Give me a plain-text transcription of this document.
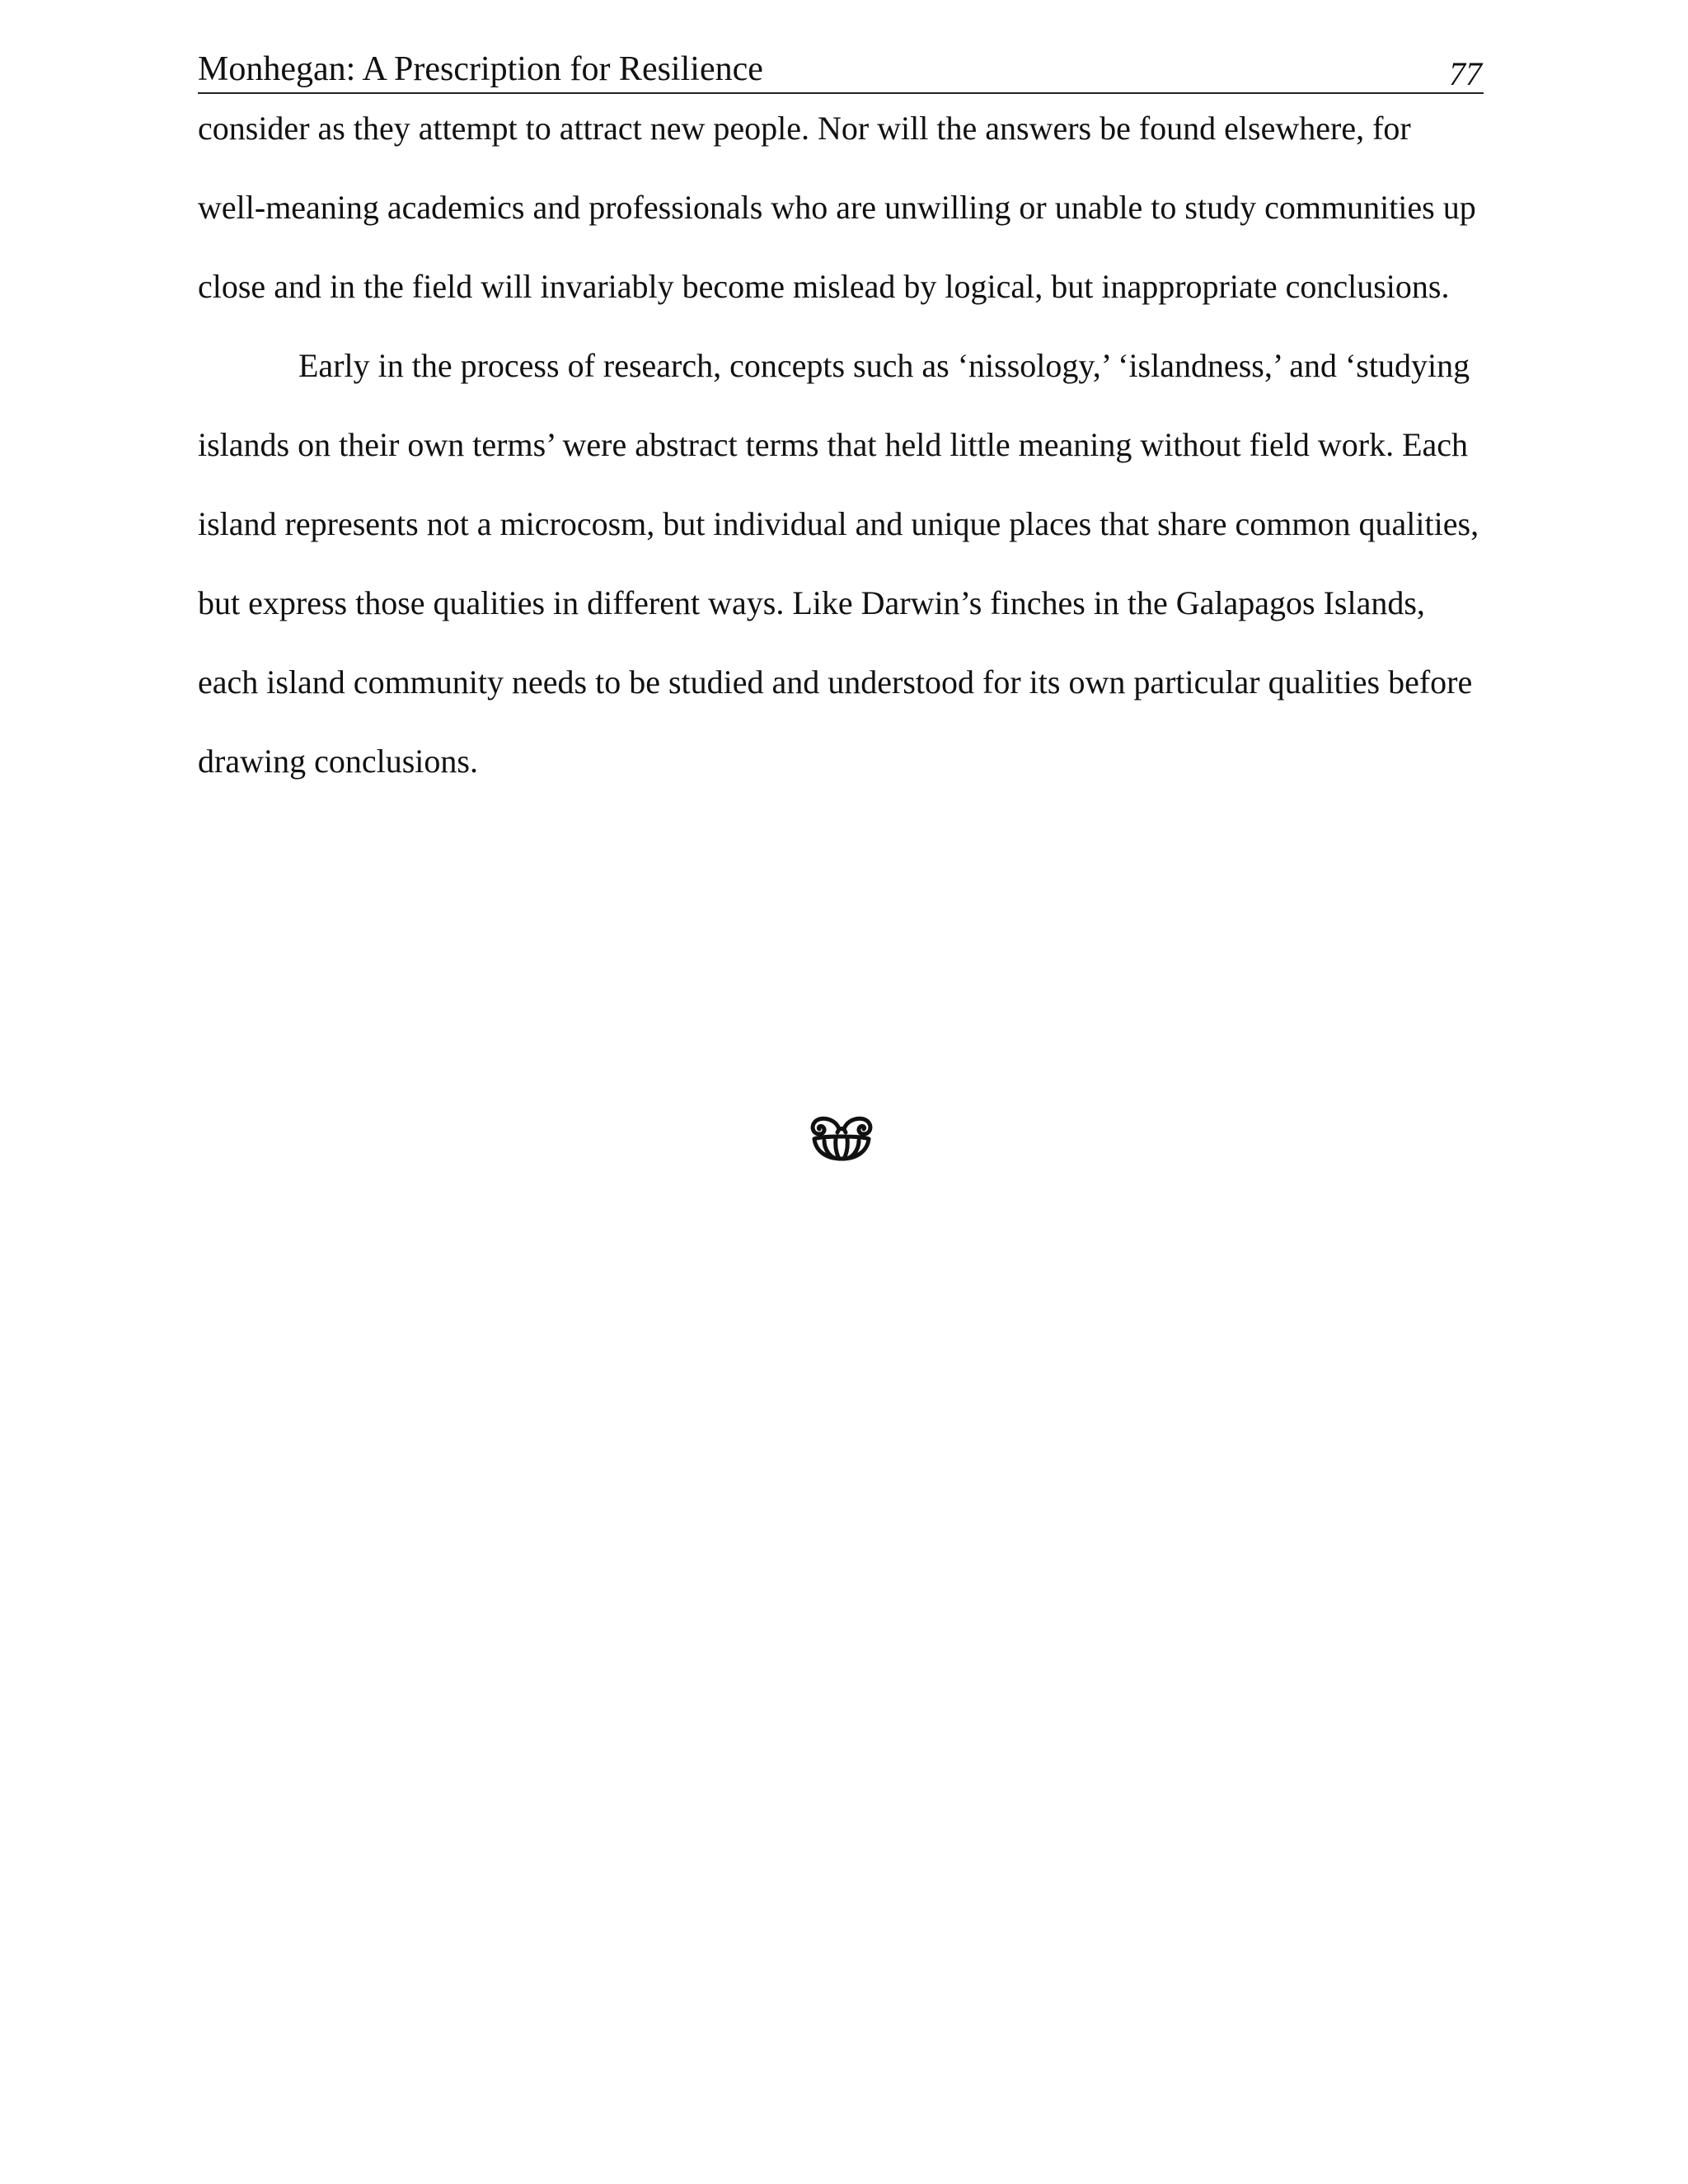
Monhegan: A Prescription for Resilience	77
consider as they attempt to attract new people. Nor will the answers be found elsewhere, for
well-meaning academics and professionals who are unwilling or unable to study communities up
close and in the field will invariably become mislead by logical, but inappropriate conclusions.
Early in the process of research, concepts such as ‘nissology,’ ‘islandness,’ and ‘studying
islands on their own terms’ were abstract terms that held little meaning without field work. Each
island represents not a microcosm, but individual and unique places that share common qualities,
but express those qualities in different ways. Like Darwin’s finches in the Galapagos Islands,
each island community needs to be studied and understood for its own particular qualities before
drawing conclusions.
